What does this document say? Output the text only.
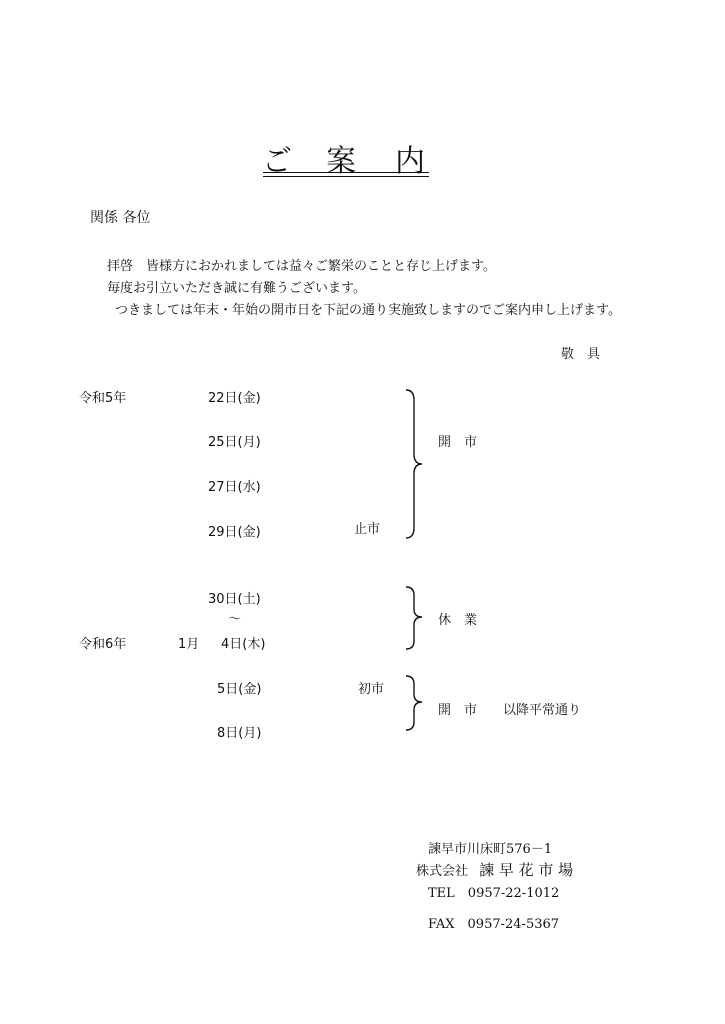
ご 案 内
関係 各位
拝啓　皆様方におかれましては益々ご繁栄のことと存じ上げます。
毎度お引立いただき誠に有難うございます。
つきましては年末・年始の開市日を下記の通り実施致しますのでご案内申し上げます。
敬　具
令和5年	22日(金)
25日(月)
27日(水)
29日(金)	止市
開　市
30日(土)
〜
令和6年	1月 4日(木)
休　業
5日(金)	初市
8日(月)
開　市　　以降平常通り
諫早市川床町576－1
株式会社 諫 早 花 市 場
TEL　0957-22-1012
FAX　0957-24-5367
